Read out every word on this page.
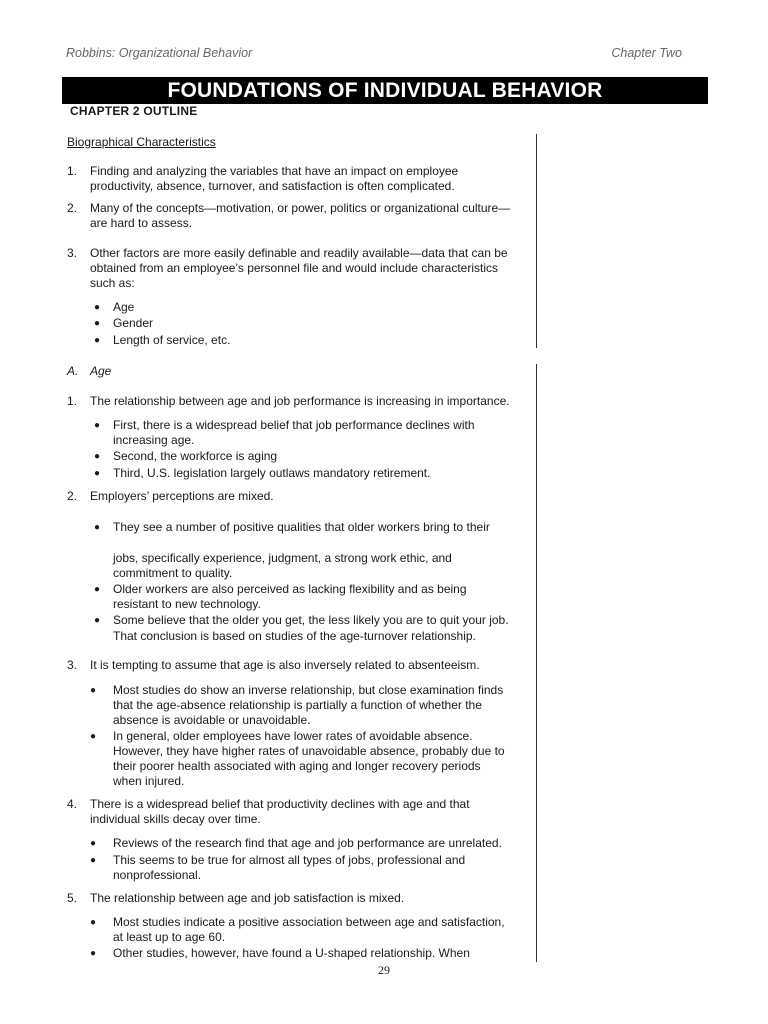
Robbins: Organizational Behavior	Chapter Two
FOUNDATIONS OF INDIVIDUAL BEHAVIOR
CHAPTER 2 OUTLINE
Biographical Characteristics
1. Finding and analyzing the variables that have an impact on employee
productivity, absence, turnover, and satisfaction is often complicated.
2. Many of the concepts—motivation, or power, politics or organizational culture—
are hard to assess.
3. Other factors are more easily definable and readily available—data that can be
obtained from an employee’s personnel file and would include characteristics
such as:
● Age
● Gender
● Length of service, etc.
A. Age
1. The relationship between age and job performance is increasing in importance.
● First, there is a widespread belief that job performance declines with
increasing age.
● Second, the workforce is aging
● Third, U.S. legislation largely outlaws mandatory retirement.
2. Employers’ perceptions are mixed.
● They see a number of positive qualities that older workers bring to their
jobs, specifically experience, judgment, a strong work ethic, and
commitment to quality.
● Older workers are also perceived as lacking flexibility and as being
resistant to new technology.
● Some believe that the older you get, the less likely you are to quit your job.
That conclusion is based on studies of the age-turnover relationship.
3. It is tempting to assume that age is also inversely related to absenteeism.
● Most studies do show an inverse relationship, but close examination finds
that the age-absence relationship is partially a function of whether the
absence is avoidable or unavoidable.
● In general, older employees have lower rates of avoidable absence.
However, they have higher rates of unavoidable absence, probably due to
their poorer health associated with aging and longer recovery periods
when injured.
4. There is a widespread belief that productivity declines with age and that
individual skills decay over time.
● Reviews of the research find that age and job performance are unrelated.
● This seems to be true for almost all types of jobs, professional and
nonprofessional.
5. The relationship between age and job satisfaction is mixed.
● Most studies indicate a positive association between age and satisfaction,
at least up to age 60.
● Other studies, however, have found a U-shaped relationship. When
29
